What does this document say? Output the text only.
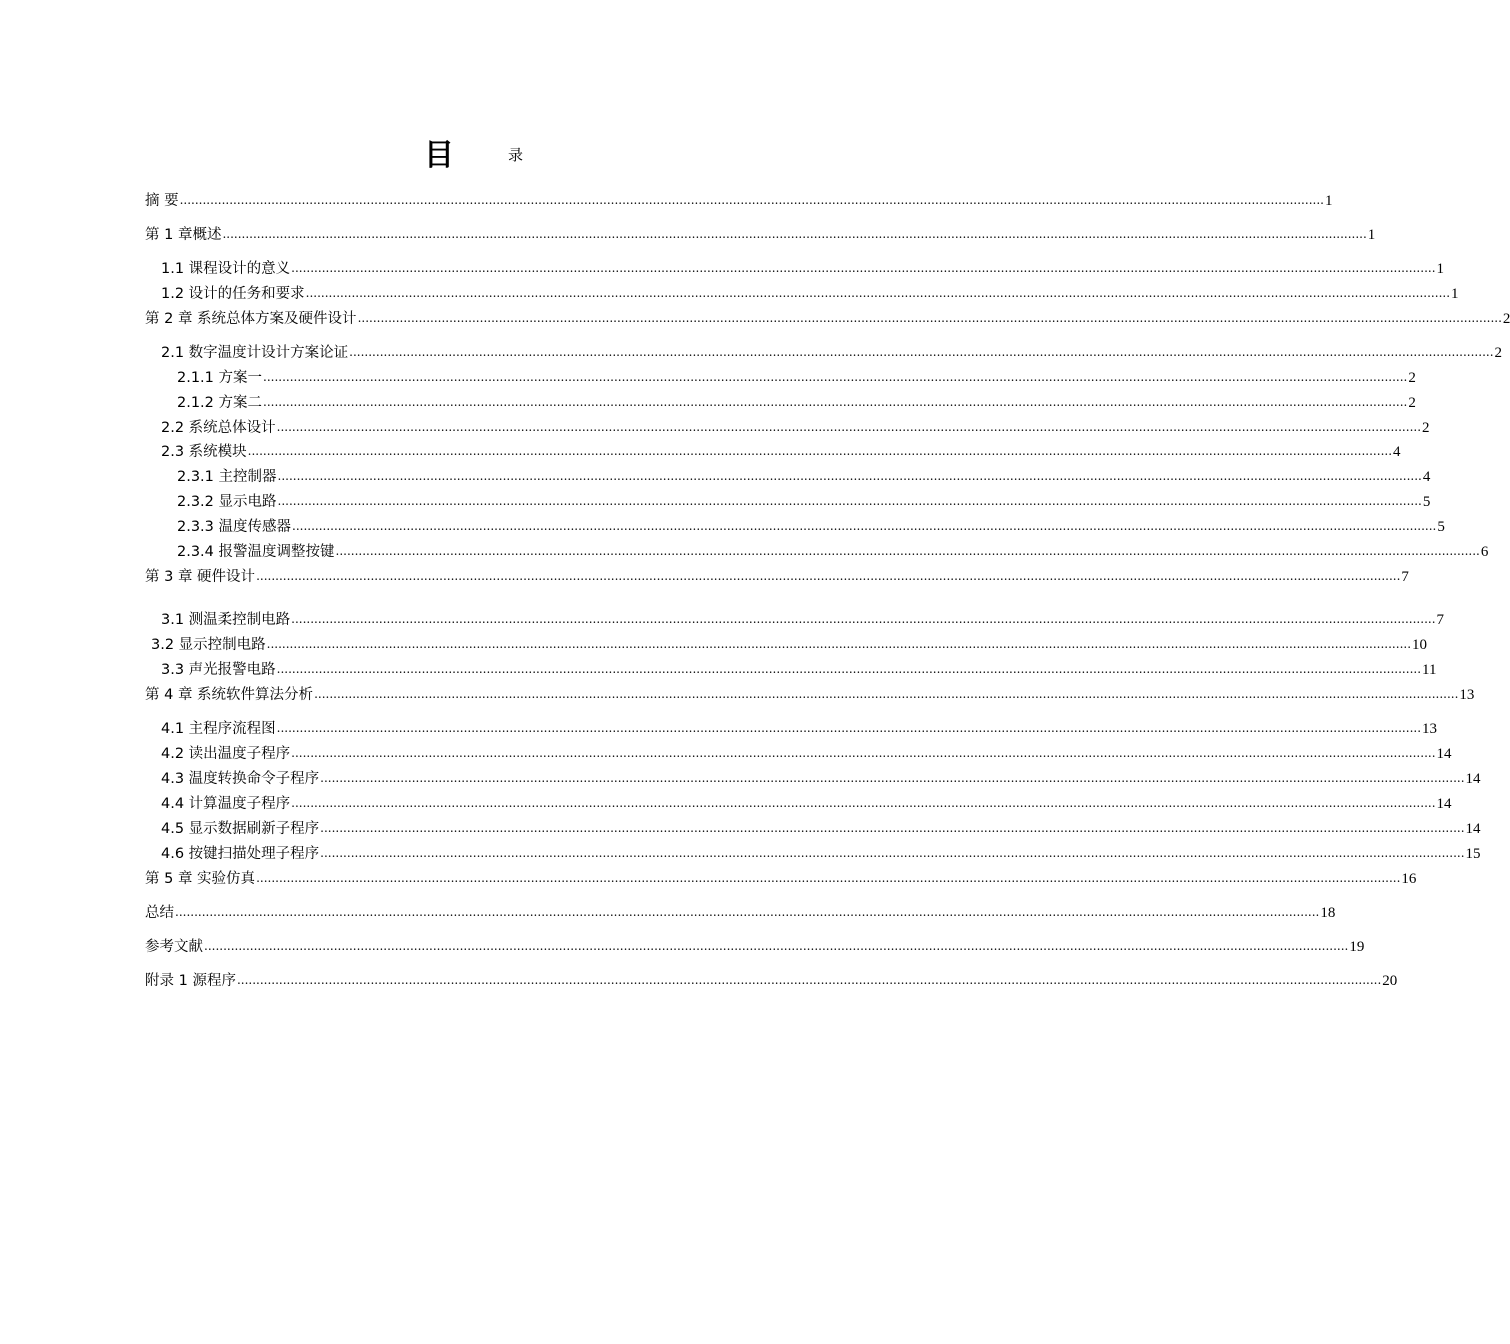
目	录
摘 要 ............................................................................................................................................................................................................................................................................................................ 1
第 1 章概述 ............................................................................................................................................................................................................................................................................................................ 1
1.1 课程设计的意义 ............................................................................................................................................................................................................................................................................................................ 1
1.2 设计的任务和要求 ............................................................................................................................................................................................................................................................................................................ 1
第 2 章 系统总体方案及硬件设计 ............................................................................................................................................................................................................................................................................................................ 2
2.1 数字温度计设计方案论证 ............................................................................................................................................................................................................................................................................................................ 2
2.1.1 方案一 ............................................................................................................................................................................................................................................................................................................ 2
2.1.2 方案二 ............................................................................................................................................................................................................................................................................................................ 2
2.2 系统总体设计 ............................................................................................................................................................................................................................................................................................................ 2
2.3 系统模块 ............................................................................................................................................................................................................................................................................................................ 4
2.3.1 主控制器 ............................................................................................................................................................................................................................................................................................................ 4
2.3.2 显示电路 ............................................................................................................................................................................................................................................................................................................ 5
2.3.3 温度传感器 ............................................................................................................................................................................................................................................................................................................ 5
2.3.4 报警温度调整按键 ............................................................................................................................................................................................................................................................................................................ 6
第 3 章 硬件设计 ............................................................................................................................................................................................................................................................................................................ 7
3.1 测温柔控制电路 ............................................................................................................................................................................................................................................................................................................ 7
3.2 显示控制电路 ............................................................................................................................................................................................................................................................................................................ 10
3.3 声光报警电路 ............................................................................................................................................................................................................................................................................................................ 11
第 4 章 系统软件算法分析 ............................................................................................................................................................................................................................................................................................................ 13
4.1 主程序流程图 ............................................................................................................................................................................................................................................................................................................ 13
4.2 读出温度子程序 ............................................................................................................................................................................................................................................................................................................ 14
4.3 温度转换命令子程序 ............................................................................................................................................................................................................................................................................................................ 14
4.4 计算温度子程序 ............................................................................................................................................................................................................................................................................................................ 14
4.5 显示数据刷新子程序 ............................................................................................................................................................................................................................................................................................................ 14
4.6 按键扫描处理子程序 ............................................................................................................................................................................................................................................................................................................ 15
第 5 章 实验仿真 ............................................................................................................................................................................................................................................................................................................ 16
总结 ............................................................................................................................................................................................................................................................................................................ 18
参考文献 ............................................................................................................................................................................................................................................................................................................ 19
附录 1 源程序 ............................................................................................................................................................................................................................................................................................................ 20
